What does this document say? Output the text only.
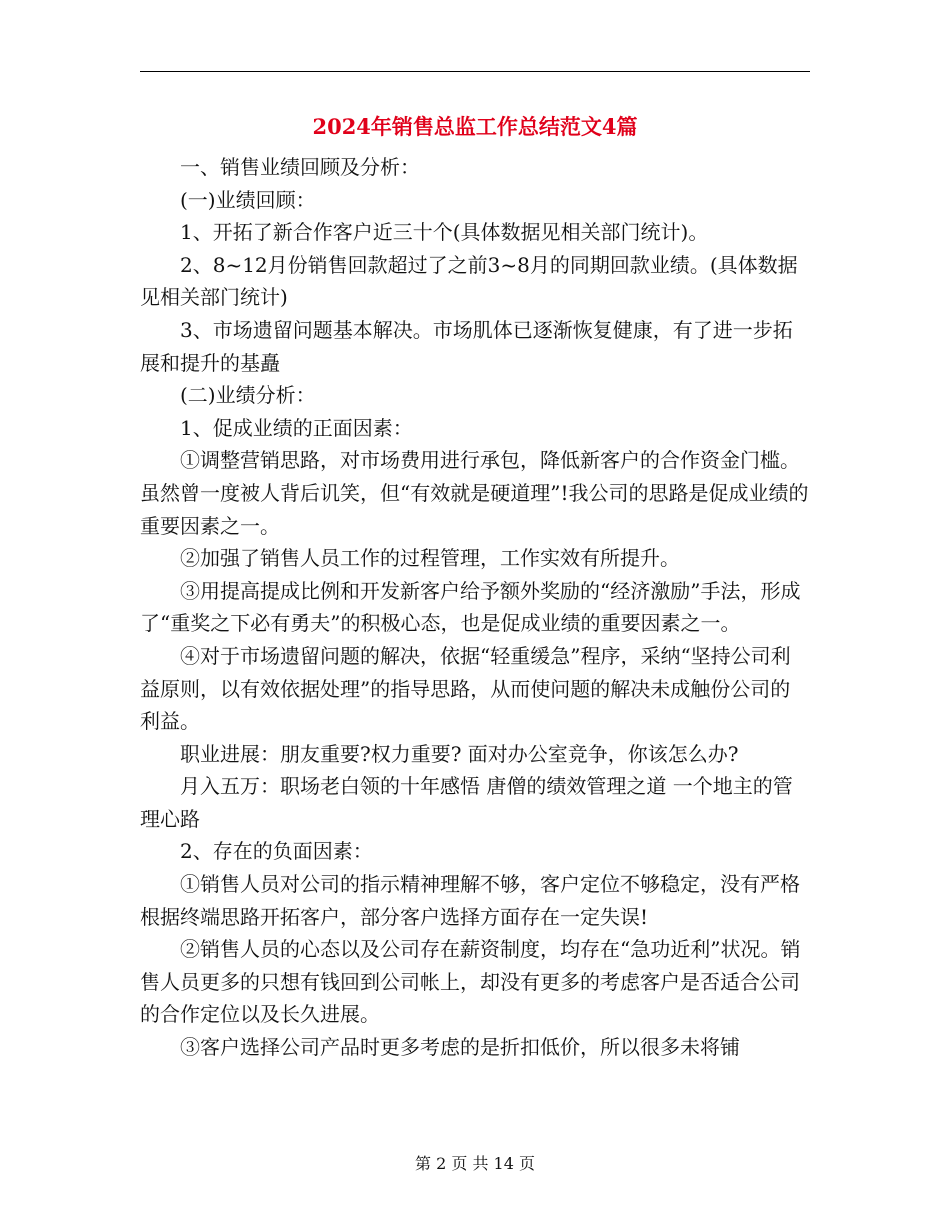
2024年销售总监工作总结范文4篇

一、销售业绩回顾及分析：

(一)业绩回顾：

1、开拓了新合作客户近三十个(具体数据见相关部门统计)。

2、8~12月份销售回款超过了之前3~8月的同期回款业绩。(具体数据见相关部门统计)

3、市场遗留问题基本解决。市场肌体已逐渐恢复健康，有了进一步拓展和提升的基矗

(二)业绩分析：

1、促成业绩的正面因素：

①调整营销思路，对市场费用进行承包，降低新客户的合作资金门槛。虽然曾一度被人背后讥笑，但“有效就是硬道理”!我公司的思路是促成业绩的重要因素之一。

②加强了销售人员工作的过程管理，工作实效有所提升。

③用提高提成比例和开发新客户给予额外奖励的“经济激励”手法，形成了“重奖之下必有勇夫”的积极心态，也是促成业绩的重要因素之一。

④对于市场遗留问题的解决，依据“轻重缓急”程序，采纳“坚持公司利益原则，以有效依据处理”的指导思路，从而使问题的解决未成触份公司的利益。

职业进展：朋友重要?权力重要? 面对办公室竞争，你该怎么办?

月入五万：职场老白领的十年感悟 唐僧的绩效管理之道 一个地主的管理心路

2、存在的负面因素：

①销售人员对公司的指示精神理解不够，客户定位不够稳定，没有严格根据终端思路开拓客户，部分客户选择方面存在一定失误!

②销售人员的心态以及公司存在薪资制度，均存在“急功近利”状况。销售人员更多的只想有钱回到公司帐上，却没有更多的考虑客户是否适合公司的合作定位以及长久进展。

③客户选择公司产品时更多考虑的是折扣低价，所以很多未将铺

第 2 页 共 14 页
